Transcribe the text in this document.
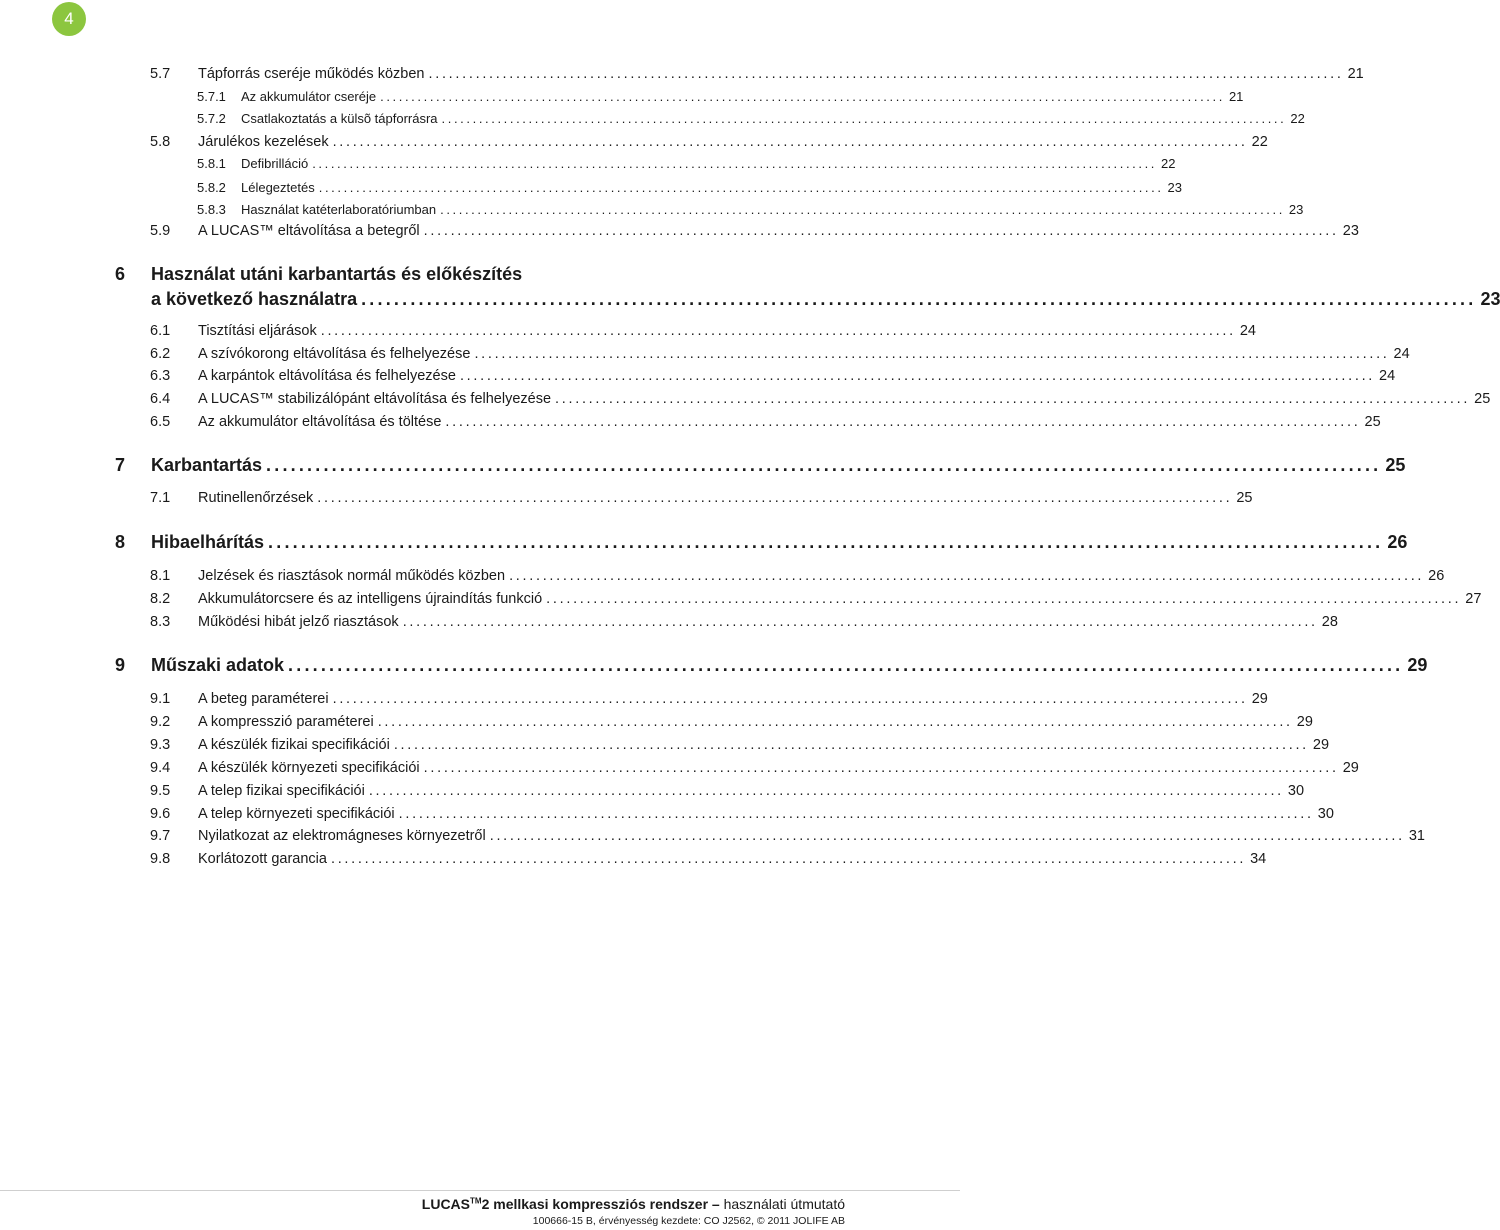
4
5.7	Tápforrás cseréje működés közben ........................................................................................................................................ 21
5.7.1	Az akkumulátor cseréje ........................................................................................................................................ 21
5.7.2	Csatlakoztatás a külsõ tápforrásra ........................................................................................................................................ 22
5.8	Járulékos kezelések ........................................................................................................................................ 22
5.8.1	Defibrilláció ........................................................................................................................................ 22
5.8.2	Lélegeztetés ........................................................................................................................................ 23
5.8.3	Használat katéterlaboratóriumban ........................................................................................................................................ 23
5.9	A LUCAS™ eltávolítása a betegről ........................................................................................................................................ 23
6 Használat utáni karbantartás és előkészítés
a következő használatra ........................................................................................................................................ 23
6.1	Tisztítási eljárások ........................................................................................................................................ 24
6.2	A szívókorong eltávolítása és felhelyezése ........................................................................................................................................ 24
6.3	A karpántok eltávolítása és felhelyezése ........................................................................................................................................ 24
6.4	A LUCAS™ stabilizálópánt eltávolítása és felhelyezése ........................................................................................................................................ 25
6.5	Az akkumulátor eltávolítása és töltése ........................................................................................................................................ 25
7	Karbantartás ........................................................................................................................................ 25
7.1	Rutinellenőrzések ........................................................................................................................................ 25
8	Hibaelhárítás ........................................................................................................................................ 26
8.1	Jelzések és riasztások normál működés közben ........................................................................................................................................ 26
8.2	Akkumulátorcsere és az intelligens újraindítás funkció ........................................................................................................................................ 27
8.3	Működési hibát jelző riasztások ........................................................................................................................................ 28
9	Műszaki adatok ........................................................................................................................................ 29
9.1	A beteg paraméterei ........................................................................................................................................ 29
9.2	A kompresszió paraméterei ........................................................................................................................................ 29
9.3	A készülék fizikai specifikációi ........................................................................................................................................ 29
9.4	A készülék környezeti specifikációi ........................................................................................................................................ 29
9.5	A telep fizikai specifikációi ........................................................................................................................................ 30
9.6	A telep környezeti specifikációi ........................................................................................................................................ 30
9.7	Nyilatkozat az elektromágneses környezetről ........................................................................................................................................ 31
9.8	Korlátozott garancia ........................................................................................................................................ 34
LUCAS™2 mellkasi kompressziós rendszer – használati útmutató
100666-15 B, érvényesség kezdete: CO J2562, © 2011 JOLIFE AB
